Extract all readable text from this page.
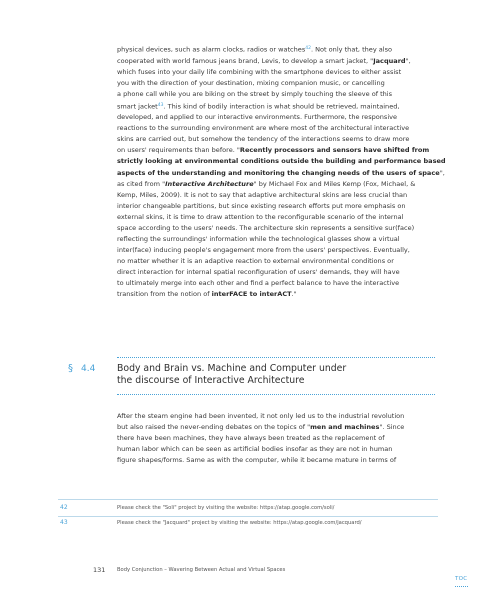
physical devices, such as alarm clocks, radios or watches$^{42}$. Not only that, they also

cooperated with world famous jeans brand, Levis, to develop a smart jacket, "Jacquard",

which fuses into your daily life combining with the smartphone devices to either assist

you with the direction of your destination, mixing companion music, or cancelling

a phone call while you are biking on the street by simply touching the sleeve of this

smart jacket$^{43}$. This kind of bodily interaction is what should be retrieved, maintained,

developed, and applied to our interactive environments. Furthermore, the responsive

reactions to the surrounding environment are where most of the architectural interactive

skins are carried out, but somehow the tendency of the interactions seems to draw more

on users' requirements than before. "Recently processors and sensors have shifted from

strictly looking at environmental conditions outside the building and performance based

aspects of the understanding and monitoring the changing needs of the users of space",

as cited from "Interactive Architecture" by Michael Fox and Miles Kemp (Fox, Michael, &

Kemp, Miles, 2009). It is not to say that adaptive architectural skins are less crucial than

interior changeable partitions, but since existing research efforts put more emphasis on

external skins, it is time to draw attention to the reconfigurable scenario of the internal

space according to the users' needs. The architecture skin represents a sensitive sur(face)

reflecting the surroundings' information while the technological glasses show a virtual

inter(face) inducing people's engagement more from the users' perspectives. Eventually,

no matter whether it is an adaptive reaction to external environmental conditions or

direct interaction for internal spatial reconfiguration of users' demands, they will have

to ultimately merge into each other and find a perfect balance to have the interactive

transition from the notion of interFACE to interACT."

§ 4.4 Body and Brain vs. Machine and Computer under

the discourse of Interactive Architecture

After the steam engine had been invented, it not only led us to the industrial revolution

but also raised the never-ending debates on the topics of "men and machines". Since

there have been machines, they have always been treated as the replacement of

human labor which can be seen as artificial bodies insofar as they are not in human

figure shapes/forms. Same as with the computer, while it became mature in terms of

42	Please check the "Soli" project by visiting the website: https://atap.google.com/soli/
43	Please check the "Jacquard" project by visiting the website: https://atap.google.com/jacquard/
131 Body Conjunction – Wavering Between Actual and Virtual Spaces
TOC
